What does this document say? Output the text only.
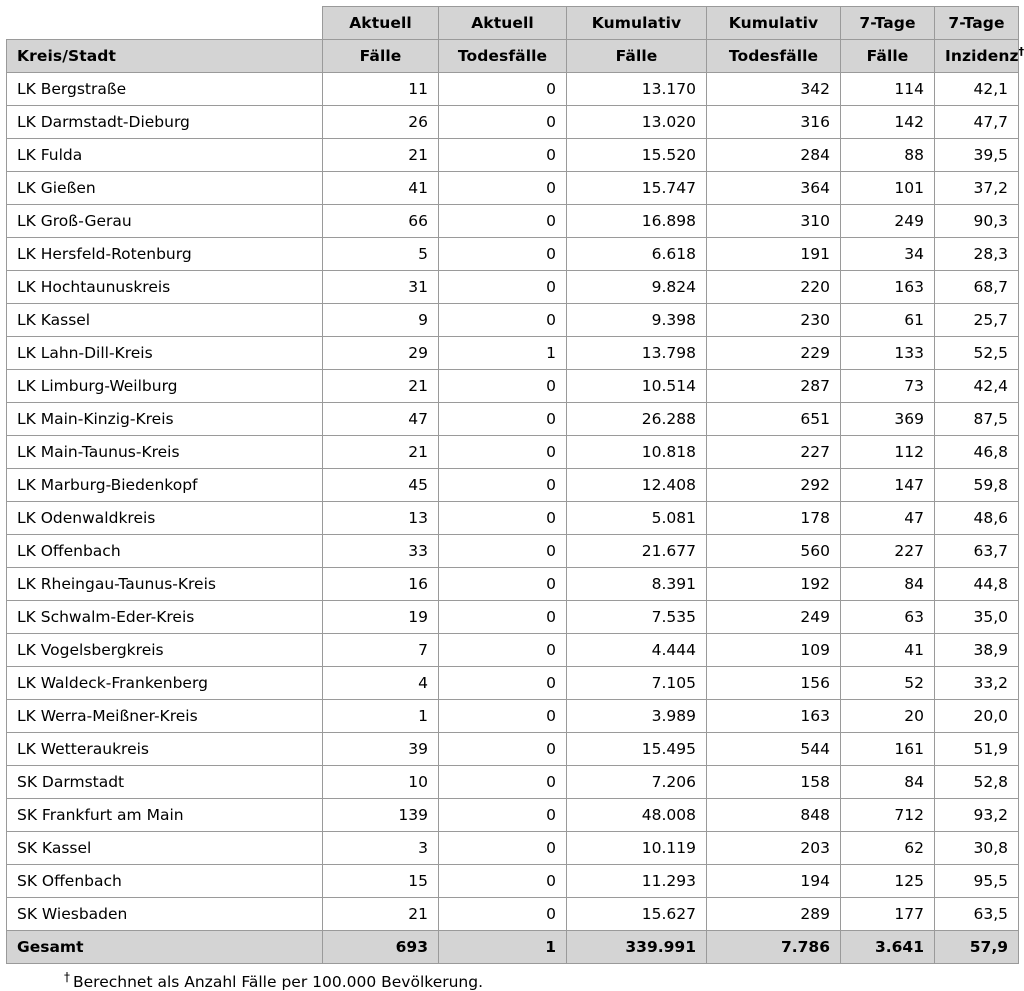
	Aktuell	Aktuell	Kumulativ	Kumulativ	7-Tage	7-Tage
Kreis/Stadt	Fälle	Todesfälle	Fälle	Todesfälle	Fälle	Inzidenz†
LK Bergstraße	11	0	13.170	342	114	42,1
LK Darmstadt-Dieburg	26	0	13.020	316	142	47,7
LK Fulda	21	0	15.520	284	88	39,5
LK Gießen	41	0	15.747	364	101	37,2
LK Groß-Gerau	66	0	16.898	310	249	90,3
LK Hersfeld-Rotenburg	5	0	6.618	191	34	28,3
LK Hochtaunuskreis	31	0	9.824	220	163	68,7
LK Kassel	9	0	9.398	230	61	25,7
LK Lahn-Dill-Kreis	29	1	13.798	229	133	52,5
LK Limburg-Weilburg	21	0	10.514	287	73	42,4
LK Main-Kinzig-Kreis	47	0	26.288	651	369	87,5
LK Main-Taunus-Kreis	21	0	10.818	227	112	46,8
LK Marburg-Biedenkopf	45	0	12.408	292	147	59,8
LK Odenwaldkreis	13	0	5.081	178	47	48,6
LK Offenbach	33	0	21.677	560	227	63,7
LK Rheingau-Taunus-Kreis	16	0	8.391	192	84	44,8
LK Schwalm-Eder-Kreis	19	0	7.535	249	63	35,0
LK Vogelsbergkreis	7	0	4.444	109	41	38,9
LK Waldeck-Frankenberg	4	0	7.105	156	52	33,2
LK Werra-Meißner-Kreis	1	0	3.989	163	20	20,0
LK Wetteraukreis	39	0	15.495	544	161	51,9
SK Darmstadt	10	0	7.206	158	84	52,8
SK Frankfurt am Main	139	0	48.008	848	712	93,2
SK Kassel	3	0	10.119	203	62	30,8
SK Offenbach	15	0	11.293	194	125	95,5
SK Wiesbaden	21	0	15.627	289	177	63,5
Gesamt	693	1	339.991	7.786	3.641	57,9
† Berechnet als Anzahl Fälle per 100.000 Bevölkerung.
